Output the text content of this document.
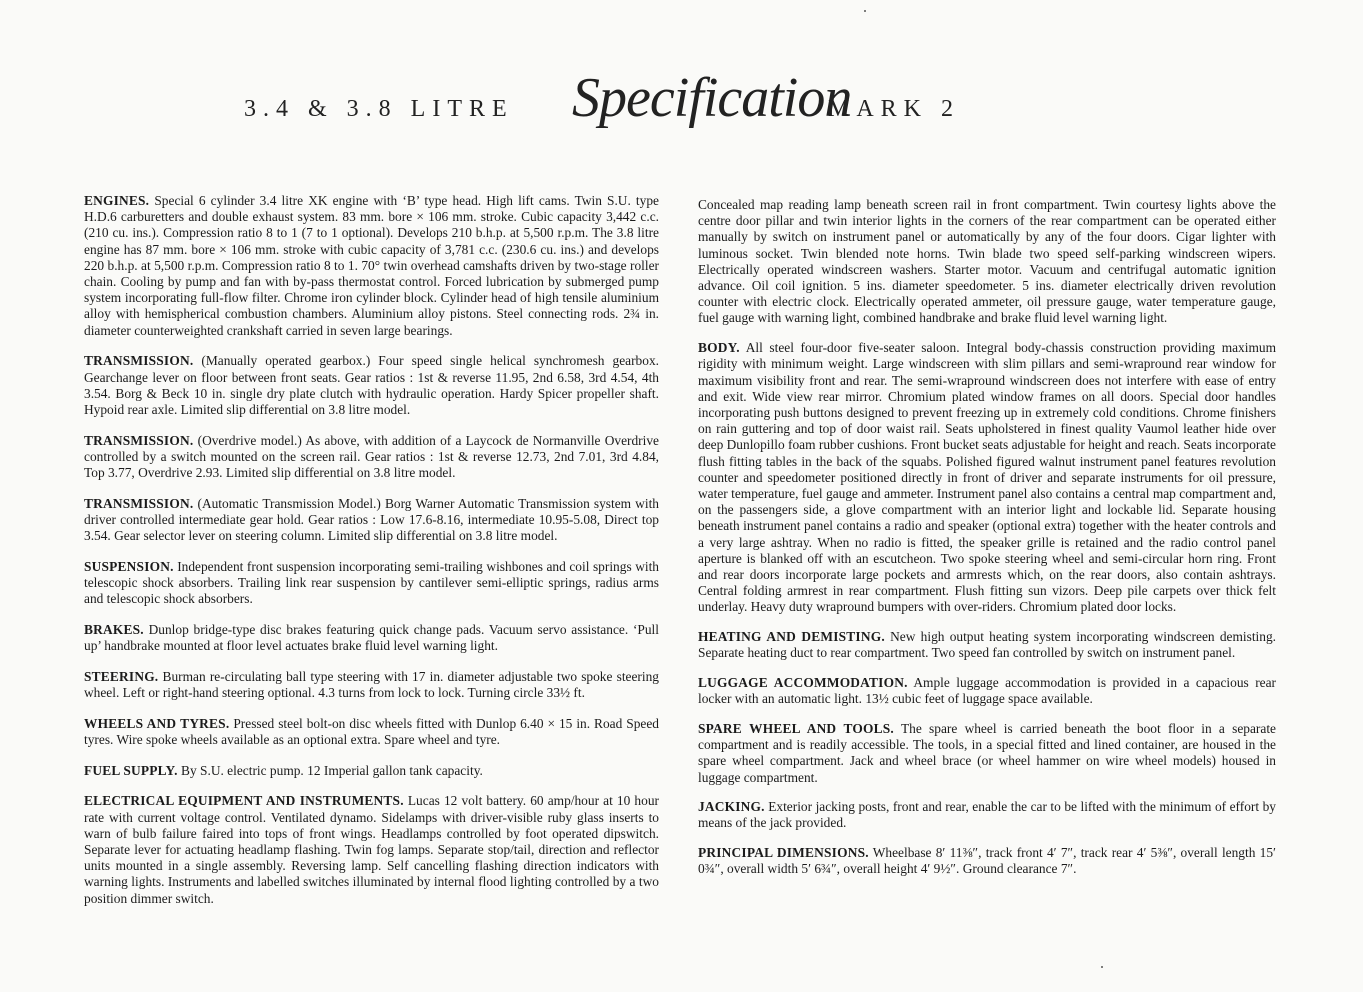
3.4 & 3.8 LITRE Specification
MARK 2

ENGINES. Special 6 cylinder 3.4 litre XK engine with ‘B’ type head. High lift cams. Twin S.U. type H.D.6 carburetters and double exhaust system. 83 mm. bore × 106 mm. stroke. Cubic capacity 3,442 c.c. (210 cu. ins.). Compression ratio 8 to 1 (7 to 1 optional). Develops 210 b.h.p. at 5,500 r.p.m. The 3.8 litre engine has 87 mm. bore × 106 mm. stroke with cubic capacity of 3,781 c.c. (230.6 cu. ins.) and develops 220 b.h.p. at 5,500 r.p.m. Compression ratio 8 to 1. 70° twin overhead camshafts driven by two-stage roller chain. Cooling by pump and fan with by-pass thermostat control. Forced lubrication by submerged pump system incorporating full-flow filter. Chrome iron cylinder block. Cylinder head of high tensile aluminium alloy with hemispherical combustion chambers. Aluminium alloy pistons. Steel connecting rods. 2¾ in. diameter counterweighted crankshaft carried in seven large bearings.

TRANSMISSION. (Manually operated gearbox.) Four speed single helical synchromesh gearbox. Gearchange lever on floor between front seats. Gear ratios : 1st & reverse 11.95, 2nd 6.58, 3rd 4.54, 4th 3.54. Borg & Beck 10 in. single dry plate clutch with hydraulic operation. Hardy Spicer propeller shaft. Hypoid rear axle. Limited slip differential on 3.8 litre model.

TRANSMISSION. (Overdrive model.) As above, with addition of a Laycock de Normanville Overdrive controlled by a switch mounted on the screen rail. Gear ratios : 1st & reverse 12.73, 2nd 7.01, 3rd 4.84, Top 3.77, Overdrive 2.93. Limited slip differential on 3.8 litre model.

TRANSMISSION. (Automatic Transmission Model.) Borg Warner Automatic Transmission system with driver controlled intermediate gear hold. Gear ratios : Low 17.6-8.16, intermediate 10.95-5.08, Direct top 3.54. Gear selector lever on steering column. Limited slip differential on 3.8 litre model.

SUSPENSION. Independent front suspension incorporating semi-trailing wishbones and coil springs with telescopic shock absorbers. Trailing link rear suspension by cantilever semi-elliptic springs, radius arms and telescopic shock absorbers.

BRAKES. Dunlop bridge-type disc brakes featuring quick change pads. Vacuum servo assistance. ‘Pull up’ handbrake mounted at floor level actuates brake fluid level warning light.

STEERING. Burman re-circulating ball type steering with 17 in. diameter adjustable two spoke steering wheel. Left or right-hand steering optional. 4.3 turns from lock to lock. Turning circle 33½ ft.

WHEELS AND TYRES. Pressed steel bolt-on disc wheels fitted with Dunlop 6.40 × 15 in. Road Speed tyres. Wire spoke wheels available as an optional extra. Spare wheel and tyre.

FUEL SUPPLY. By S.U. electric pump. 12 Imperial gallon tank capacity.

ELECTRICAL EQUIPMENT AND INSTRUMENTS. Lucas 12 volt battery. 60 amp/hour at 10 hour rate with current voltage control. Ventilated dynamo. Sidelamps with driver-visible ruby glass inserts to warn of bulb failure faired into tops of front wings. Headlamps controlled by foot operated dipswitch. Separate lever for actuating headlamp flashing. Twin fog lamps. Separate stop/tail, direction and reflector units mounted in a single assembly. Reversing lamp. Self cancelling flashing direction indicators with warning lights. Instruments and labelled switches illuminated by internal flood lighting controlled by a two position dimmer switch.

Concealed map reading lamp beneath screen rail in front compartment. Twin courtesy lights above the centre door pillar and twin interior lights in the corners of the rear compartment can be operated either manually by switch on instrument panel or automatically by any of the four doors. Cigar lighter with luminous socket. Twin blended note horns. Twin blade two speed self-parking windscreen wipers. Electrically operated windscreen washers. Starter motor. Vacuum and centrifugal automatic ignition advance. Oil coil ignition. 5 ins. diameter speedometer. 5 ins. diameter electrically driven revolution counter with electric clock. Electrically operated ammeter, oil pressure gauge, water temperature gauge, fuel gauge with warning light, combined handbrake and brake fluid level warning light.

BODY. All steel four-door five-seater saloon. Integral body-chassis construction providing maximum rigidity with minimum weight. Large windscreen with slim pillars and semi-wrapround rear window for maximum visibility front and rear. The semi-wrapround windscreen does not interfere with ease of entry and exit. Wide view rear mirror. Chromium plated window frames on all doors. Special door handles incorporating push buttons designed to prevent freezing up in extremely cold conditions. Chrome finishers on rain guttering and top of door waist rail. Seats upholstered in finest quality Vaumol leather hide over deep Dunlopillo foam rubber cushions. Front bucket seats adjustable for height and reach. Seats incorporate flush fitting tables in the back of the squabs. Polished figured walnut instrument panel features revolution counter and speedometer positioned directly in front of driver and separate instruments for oil pressure, water temperature, fuel gauge and ammeter. Instrument panel also contains a central map compartment and, on the passengers side, a glove compartment with an interior light and lockable lid. Separate housing beneath instrument panel contains a radio and speaker (optional extra) together with the heater controls and a very large ashtray. When no radio is fitted, the speaker grille is retained and the radio control panel aperture is blanked off with an escutcheon. Two spoke steering wheel and semi-circular horn ring. Front and rear doors incorporate large pockets and armrests which, on the rear doors, also contain ashtrays. Central folding armrest in rear compartment. Flush fitting sun vizors. Deep pile carpets over thick felt underlay. Heavy duty wrapround bumpers with over-riders. Chromium plated door locks.

HEATING AND DEMISTING. New high output heating system incorporating windscreen demisting. Separate heating duct to rear compartment. Two speed fan controlled by switch on instrument panel.

LUGGAGE ACCOMMODATION. Ample luggage accommodation is provided in a capacious rear locker with an automatic light. 13½ cubic feet of luggage space available.

SPARE WHEEL AND TOOLS. The spare wheel is carried beneath the boot floor in a separate compartment and is readily accessible. The tools, in a special fitted and lined container, are housed in the spare wheel compartment. Jack and wheel brace (or wheel hammer on wire wheel models) housed in luggage compartment.

JACKING. Exterior jacking posts, front and rear, enable the car to be lifted with the minimum of effort by means of the jack provided.

PRINCIPAL DIMENSIONS. Wheelbase 8′ 11⅜″, track front 4′ 7″, track rear 4′ 5⅜″, overall length 15′ 0¾″, overall width 5′ 6¾″, overall height 4′ 9½″. Ground clearance 7″.
